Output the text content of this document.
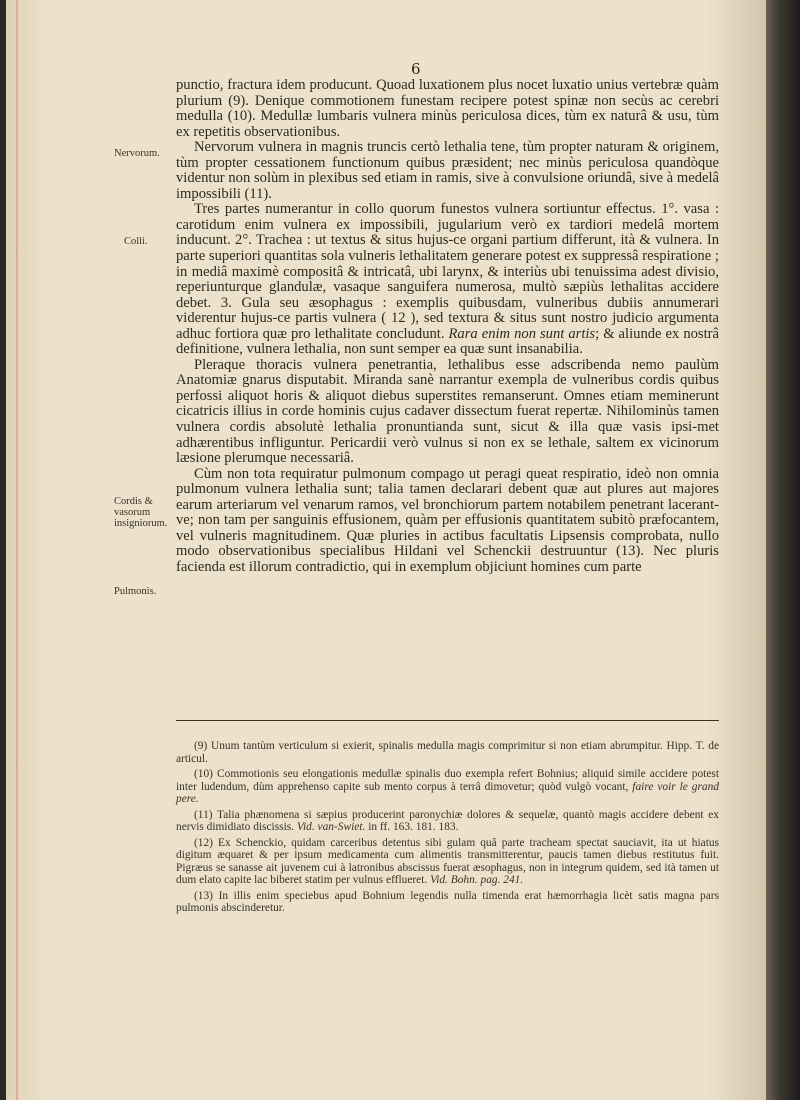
6
Nervorum.
Colli.
Cordis & vasorum insigniorum.
Pulmonis.

punctio, fractura idem producunt. Quoad luxationem plus nocet luxatio unius vertebræ quàm plurium (9). Denique commotionem funestam recipere potest spinæ non secùs ac cerebri medulla (10). Medullæ lumbaris vulnera minùs periculosa dices, tùm ex naturâ & usu, tùm ex repetitis observationibus.

Nervorum vulnera in magnis truncis certò lethalia tene, tùm propter naturam & originem, tùm propter cessationem functionum quibus præsident; nec minùs periculosa quandòque videntur non solùm in plexibus sed etiam in ramis, sive à convulsione oriundâ, sive à medelâ impossibili (11).

Tres partes numerantur in collo quorum funestos vulnera sortiuntur effectus. 1°. vasa : carotidum enim vulnera ex impossibili, jugularium verò ex tardiori medelâ mortem inducunt. 2°. Trachea : ut textus & situs hujus-ce organi partium differunt, ità & vulnera. In parte superiori quantitas sola vulneris lethalitatem generare potest ex suppressâ respiratione ; in mediâ maximè compositâ & intricatâ, ubi larynx, & interiùs ubi tenuissima adest divisio, reperiunturque glandulæ, vasaque sanguifera numerosa, multò sæpiùs lethalitas accidere debet. 3. Gula seu æsophagus : exemplis quibusdam, vulneribus dubiis annumerari viderentur hujus-ce partis vulnera ( 12 ), sed textura & situs sunt nostro judicio argumenta adhuc fortiora quæ pro lethalitate concludunt. Rara enim non sunt artis; & aliunde ex nostrâ definitione, vulnera lethalia, non sunt semper ea quæ sunt insanabilia.

Pleraque thoracis vulnera penetrantia, lethalibus esse adscribenda nemo paulùm Anatomiæ gnarus disputabit. Miranda sanè narrantur exempla de vulneribus cordis quibus perfossi aliquot horis & aliquot diebus superstites remanserunt. Omnes etiam meminerunt cicatricis illius in corde hominis cujus cadaver dissectum fuerat repertæ. Nihilominùs tamen vulnera cordis absolutè lethalia pronuntianda sunt, sicut & illa quæ vasis ipsi-met adhærentibus infliguntur. Pericardii verò vulnus si non ex se lethale, saltem ex vicinorum læsione plerumque necessariâ.

Cùm non tota requiratur pulmonum compago ut peragi queat respiratio, ideò non omnia pulmonum vulnera lethalia sunt; talia tamen declarari debent quæ aut plures aut majores earum arteriarum vel venarum ramos, vel bronchiorum partem notabilem penetrant lacerant-ve; non tam per sanguinis effusionem, quàm per effusionis quantitatem subitò præfocantem, vel vulneris magnitudinem. Quæ pluries in actibus facultatis Lipsensis comprobata, nullo modo observationibus specialibus Hildani vel Schenckii destruuntur (13). Nec pluris facienda est illorum contradictio, qui in exemplum objiciunt homines cum parte

(9) Unum tantùm verticulum si exierit, spinalis medulla magis comprimitur si non etiam abrumpitur. Hipp. T. de articul.

(10) Commotionis seu elongationis medullæ spinalis duo exempla refert Bohnius; aliquid simile accidere potest inter ludendum, dùm apprehenso capite sub mento corpus à terrâ dimovetur; quòd vulgò vocant, faire voir le grand pere.

(11) Talia phænomena si sæpius producerint paronychiæ dolores & sequelæ, quantò magis accidere debent ex nervis dimidiato discissis. Vid. van-Swiet. in ff. 163. 181. 183.

(12) Ex Schenckio, quidam carceribus detentus sibi gulam quâ parte tracheam spectat sauciavit, ita ut hiatus digitum æquaret & per ipsum medicamenta cum alimentis transmitterentur, paucis tamen diebus restitutus fuit. Pigræus se sanasse ait juvenem cui à latronibus abscissus fuerat æsophagus, non in integrum quidem, sed ità tamen ut dum elato capite lac biberet statim per vulnus efflueret. Vid. Bohn. pag. 241.

(13) In illis enim speciebus apud Bohnium legendis nulla timenda erat hæmorrhagia licèt satis magna pars pulmonis abscinderetur.
